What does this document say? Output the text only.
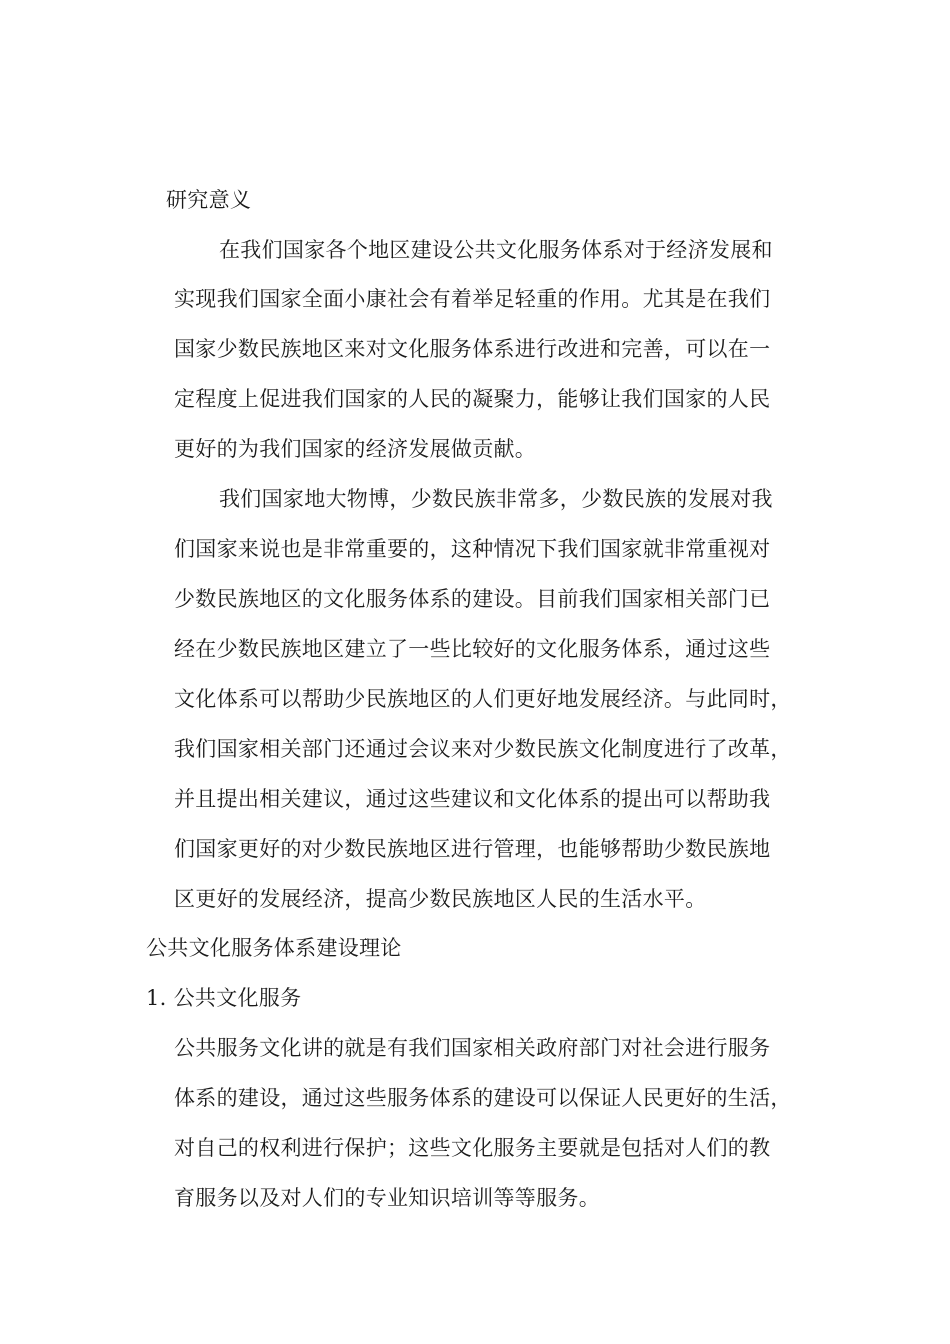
研究意义
在我们国家各个地区建设公共文化服务体系对于经济发展和
实现我们国家全面小康社会有着举足轻重的作用。尤其是在我们
国家少数民族地区来对文化服务体系进行改进和完善，可以在一
定程度上促进我们国家的人民的凝聚力，能够让我们国家的人民
更好的为我们国家的经济发展做贡献。
我们国家地大物博，少数民族非常多，少数民族的发展对我
们国家来说也是非常重要的，这种情况下我们国家就非常重视对
少数民族地区的文化服务体系的建设。目前我们国家相关部门已
经在少数民族地区建立了一些比较好的文化服务体系，通过这些
文化体系可以帮助少民族地区的人们更好地发展经济。与此同时，
我们国家相关部门还通过会议来对少数民族文化制度进行了改革，
并且提出相关建议，通过这些建议和文化体系的提出可以帮助我
们国家更好的对少数民族地区进行管理，也能够帮助少数民族地
区更好的发展经济，提高少数民族地区人民的生活水平。
公共文化服务体系建设理论
1. 公共文化服务
公共服务文化讲的就是有我们国家相关政府部门对社会进行服务
体系的建设，通过这些服务体系的建设可以保证人民更好的生活，
对自己的权利进行保护；这些文化服务主要就是包括对人们的教
育服务以及对人们的专业知识培训等等服务。
